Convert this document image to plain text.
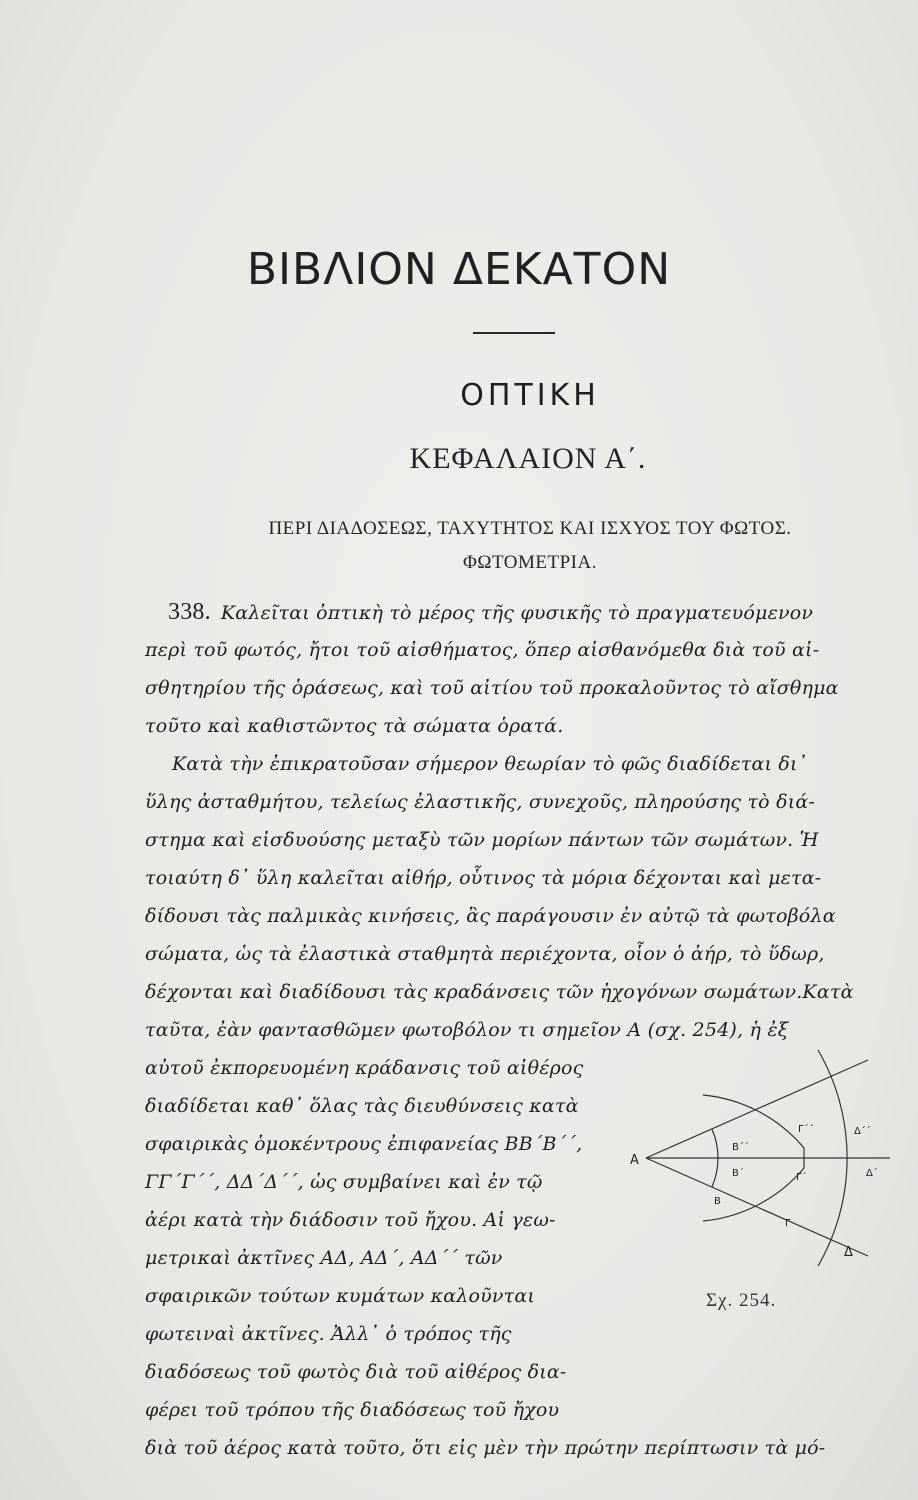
ΒΙΒΛΙΟΝ ΔΕΚΑΤΟΝ
ΟΠΤΙΚΗ
ΚΕΦΑΛΑΙΟΝ Α΄.
ΠΕΡΙ ΔΙΑΔΟΣΕΩΣ, ΤΑΧΥΤΗΤΟΣ ΚΑΙ ΙΣΧΥΟΣ ΤΟΥ ΦΩΤΟΣ.
ΦΩΤΟΜΕΤΡΙΑ.
338. Καλεῖται ὀπτικὴ τὸ μέρος τῆς φυσικῆς τὸ πραγματευόμενον
περὶ τοῦ φωτός, ἤτοι τοῦ αἰσθήματος, ὅπερ αἰσθανόμεθα διὰ τοῦ αἰ-
σθητηρίου τῆς ὁράσεως, καὶ τοῦ αἰτίου τοῦ προκαλοῦντος τὸ αἴσθημα
τοῦτο καὶ καθιστῶντος τὰ σώματα ὁρατά.
Κατὰ τὴν ἐπικρατοῦσαν σήμερον θεωρίαν τὸ φῶς διαδίδεται δι᾽
ὕλης ἀσταθμήτου, τελείως ἐλαστικῆς, συνεχοῦς, πληρούσης τὸ διά-
στημα καὶ εἰσδυούσης μεταξὺ τῶν μορίων πάντων τῶν σωμάτων. Ἡ
τοιαύτη δ᾽ ὕλη καλεῖται αἰθήρ, οὗτινος τὰ μόρια δέχονται καὶ μετα-
δίδουσι τὰς παλμικὰς κινήσεις, ἃς παράγουσιν ἐν αὐτῷ τὰ φωτοβόλα
σώματα, ὡς τὰ ἐλαστικὰ σταθμητὰ περιέχοντα, οἷον ὁ ἀήρ, τὸ ὕδωρ,
δέχονται καὶ διαδίδουσι τὰς κραδάνσεις τῶν ἠχογόνων σωμάτων.Κατὰ
ταῦτα, ἐὰν φαντασθῶμεν φωτοβόλον τι σημεῖον Α (σχ. 254), ἡ ἐξ
αὐτοῦ ἐκπορευομένη κράδανσις τοῦ αἰθέρος
διαδίδεται καθ᾽ ὅλας τὰς διευθύνσεις κατὰ
σφαιρικὰς ὁμοκέντρους ἐπιφανείας ΒΒ΄Β΄΄,
ΓΓ΄Γ΄΄, ΔΔ΄Δ΄΄, ὡς συμβαίνει καὶ ἐν τῷ
ἀέρι κατὰ τὴν διάδοσιν τοῦ ἤχου. Αἱ γεω-
μετρικαὶ ἀκτῖνες ΑΔ, ΑΔ΄, ΑΔ΄΄ τῶν
σφαιρικῶν τούτων κυμάτων καλοῦνται
φωτειναὶ ἀκτῖνες. Ἀλλ᾽ ὁ τρόπος τῆς
διαδόσεως τοῦ φωτὸς διὰ τοῦ αἰθέρος δια-
φέρει τοῦ τρόπου τῆς διαδόσεως τοῦ ἤχου
διὰ τοῦ ἀέρος κατὰ τοῦτο, ὅτι εἰς μὲν τὴν πρώτην περίπτωσιν τὰ μό-
Α
Β΄΄
Β΄
Β
Γ΄΄
Γ΄
Γ
Δ΄΄
Δ΄
Δ
Σχ. 254.
